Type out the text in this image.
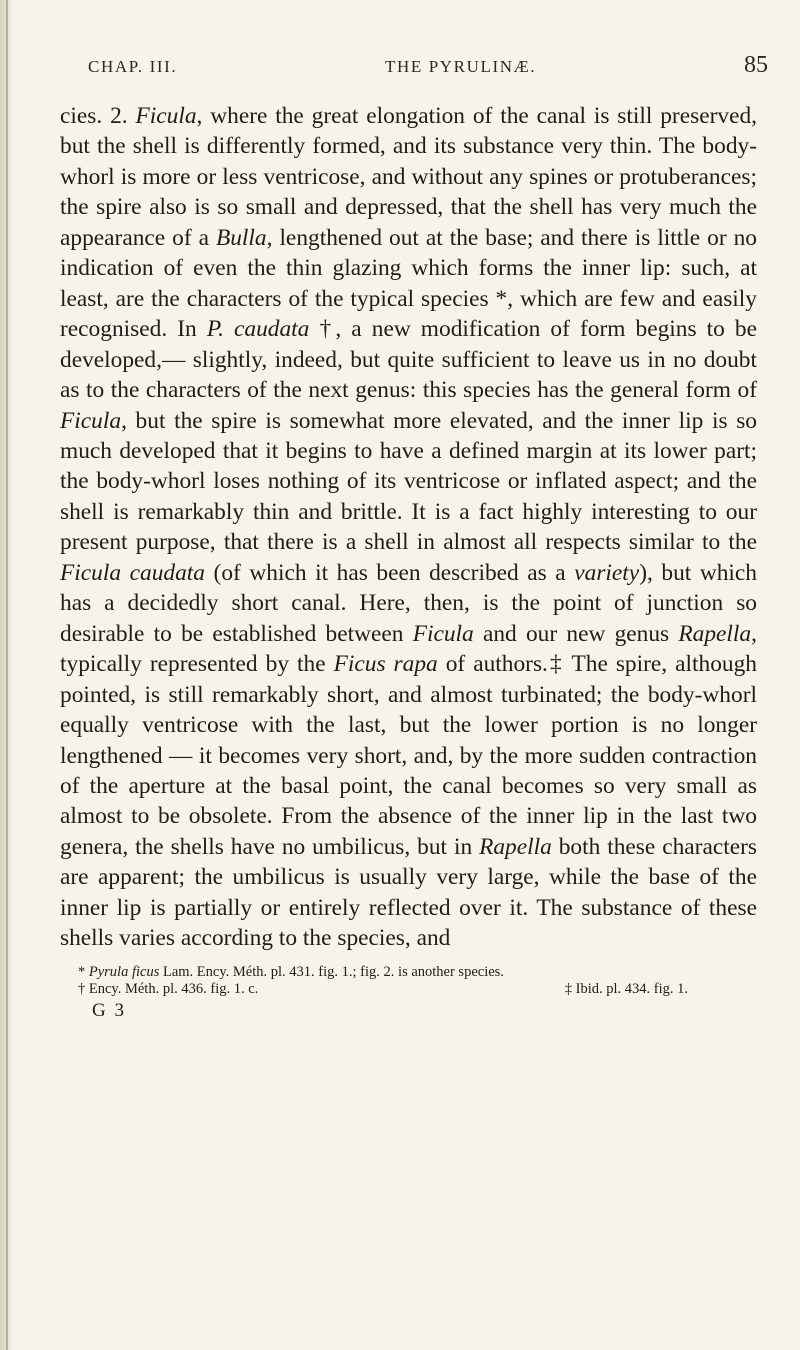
CHAP. III.	THE PYRULINÆ.	85

cies. 2. Ficula, where the great elongation of the canal is still preserved, but the shell is differently formed, and its substance very thin. The body-whorl is more or less ventricose, and without any spines or protuberances; the spire also is so small and depressed, that the shell has very much the appearance of a Bulla, lengthened out at the base; and there is little or no indication of even the thin glazing which forms the inner lip: such, at least, are the characters of the typical species *, which are few and easily recognised. In P. caudata †, a new modification of form begins to be developed,— slightly, indeed, but quite sufficient to leave us in no doubt as to the characters of the next genus: this species has the general form of Ficula, but the spire is somewhat more elevated, and the inner lip is so much developed that it begins to have a defined margin at its lower part; the body-whorl loses nothing of its ventricose or inflated aspect; and the shell is remarkably thin and brittle. It is a fact highly interesting to our present purpose, that there is a shell in almost all respects similar to the Ficula caudata (of which it has been described as a variety), but which has a decidedly short canal. Here, then, is the point of junction so desirable to be established between Ficula and our new genus Rapella, typically represented by the Ficus rapa of authors.‡ The spire, although pointed, is still remarkably short, and almost turbinated; the body-whorl equally ventricose with the last, but the lower portion is no longer lengthened — it becomes very short, and, by the more sudden contraction of the aperture at the basal point, the canal becomes so very small as almost to be obsolete. From the absence of the inner lip in the last two genera, the shells have no umbilicus, but in Rapella both these characters are apparent; the umbilicus is usually very large, while the base of the inner lip is partially or entirely reflected over it. The substance of these shells varies according to the species, and

* Pyrula ficus Lam. Ency. Méth. pl. 431. fig. 1.; fig. 2. is another species.
† Ency. Méth. pl. 436. fig. 1. c.	‡ Ibid. pl. 434. fig. 1.
G 3
